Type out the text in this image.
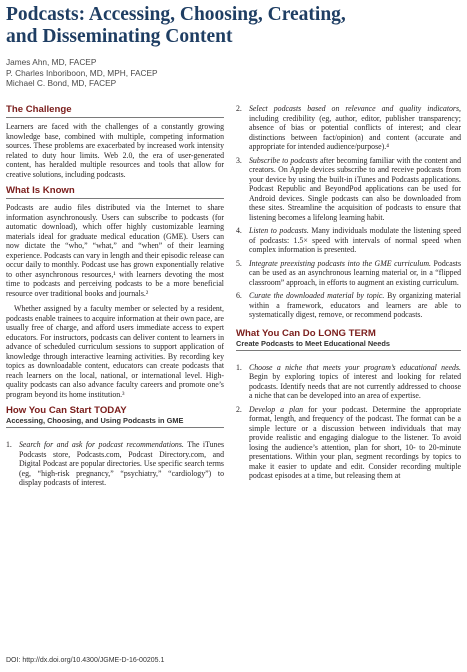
Podcasts: Accessing, Choosing, Creating,
and Disseminating Content
James Ahn, MD, FACEP
P. Charles Inboriboon, MD, MPH, FACEP
Michael C. Bond, MD, FACEP
The Challenge

Learners are faced with the challenges of a constantly growing knowledge base, combined with multiple, competing information sources. These problems are exacerbated by increased work intensity related to duty hour limits. Web 2.0, the era of user-generated content, has heralded multiple resources and tools that allow for creative solutions, including podcasts.

What Is Known

Podcasts are audio files distributed via the Internet to share information asynchronously. Users can subscribe to podcasts (for automatic download), which offer highly customizable learning materials ideal for graduate medical education (GME). Users can now dictate the “who,” “what,” and “when” of their learning experience. Podcasts can vary in length and their episodic release can occur daily to monthly. Podcast use has grown exponentially relative to other asynchronous resources,¹ with learners devoting the most time to podcasts and perceiving podcasts to be a more beneficial resource over traditional books and journals.²

Whether assigned by a faculty member or selected by a resident, podcasts enable trainees to acquire information at their own pace, are usually free of charge, and afford users immediate access to expert educators. For instructors, podcasts can deliver content to learners in advance of scheduled curriculum sessions to support application of knowledge through interactive learning activities. By recording key topics as downloadable content, educators can create podcasts that reach learners on the local, national, or international level. High-quality podcasts can also advance faculty careers and promote one’s program beyond its home institution.³

How You Can Start TODAY
Accessing, Choosing, and Using Podcasts in GME
1. Search for and ask for podcast recommendations. The iTunes Podcasts store, Podcasts.com, Podcast Directory.com, and Digital Podcast are popular directories. Use specific search terms (eg, “high-risk pregnancy,” “psychiatry,” “cardiology”) to display podcasts of interest.
2. Select podcasts based on relevance and quality indicators, including credibility (eg, author, editor, publisher transparency; absence of bias or potential conflicts of interest; and clear distinctions between fact/opinion) and content (accurate and appropriate for intended audience/purpose).⁴
3. Subscribe to podcasts after becoming familiar with the content and creators. On Apple devices subscribe to and receive podcasts from your device by using the built-in iTunes and Podcasts applications. Podcast Republic and BeyondPod applications can be used for Android devices. Single podcasts can also be downloaded from these sites. Streamline the acquisition of podcasts to ensure that listening becomes a lifelong learning habit.
4. Listen to podcasts. Many individuals modulate the listening speed of podcasts: 1.5× speed with intervals of normal speed when complex information is presented.
5. Integrate preexisting podcasts into the GME curriculum. Podcasts can be used as an asynchronous learning material or, in a “flipped classroom” approach, in efforts to augment an existing curriculum.
6. Curate the downloaded material by topic. By organizing material within a framework, educators and learners are able to systematically digest, remove, or recommend podcasts.
What You Can Do LONG TERM
Create Podcasts to Meet Educational Needs
1. Choose a niche that meets your program’s educational needs. Begin by exploring topics of interest and looking for related podcasts. Identify needs that are not currently addressed to choose a niche that can be developed into an area of expertise.
2. Develop a plan for your podcast. Determine the appropriate format, length, and frequency of the podcast. The format can be a simple lecture or a discussion between individuals that may provide realistic and engaging dialogue to the listener. To avoid losing the audience’s attention, plan for short, 10- to 20-minute presentations. Within your plan, segment recordings by topics to make it easier to update and edit. Consider recording multiple podcast episodes at a time, but releasing them at
DOI: http://dx.doi.org/10.4300/JGME-D-16-00205.1
